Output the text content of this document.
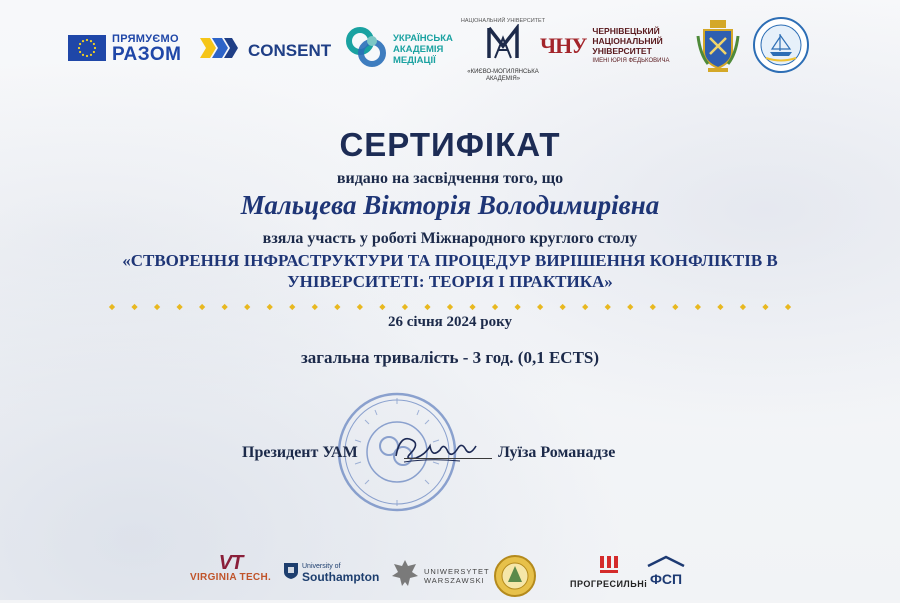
ПРЯМУЄМО
РАЗОМ	CONSENT
УКРАЇНСЬКА
АКАДЕМІЯ
МЕДІАЦІЇ
НАЦІОНАЛЬНИЙ УНІВЕРСИТЕТ
«КИЄВО-МОГИЛЯНСЬКА
АКАДЕМІЯ»
ЧНУ
ЧЕРНІВЕЦЬКИЙ
НАЦІОНАЛЬНИЙ
УНІВЕРСИТЕТ
ІМЕНІ ЮРІЯ ФЕДЬКОВИЧА
СЕРТИФІКАТ
видано на засвідчення того, що
Мальцева Вікторія Володимирівна
взяла участь у роботі Міжнародного круглого столу
«СТВОРЕННЯ ІНФРАСТРУКТУРИ ТА ПРОЦЕДУР ВИРІШЕННЯ КОНФЛІКТІВ В
УНІВЕРСИТЕТІ: ТЕОРІЯ І ПРАКТИКА»
26 січня 2024 року
загальна тривалість - 3 год. (0,1 ECTS)
Президент УАМ	Луїза Романадзе
VT
VIRGINIA TECH.
University of
Southampton	UNIWERSYTET
WARSZAWSKI	ПРОГРЕСИЛЬНі ФСП
